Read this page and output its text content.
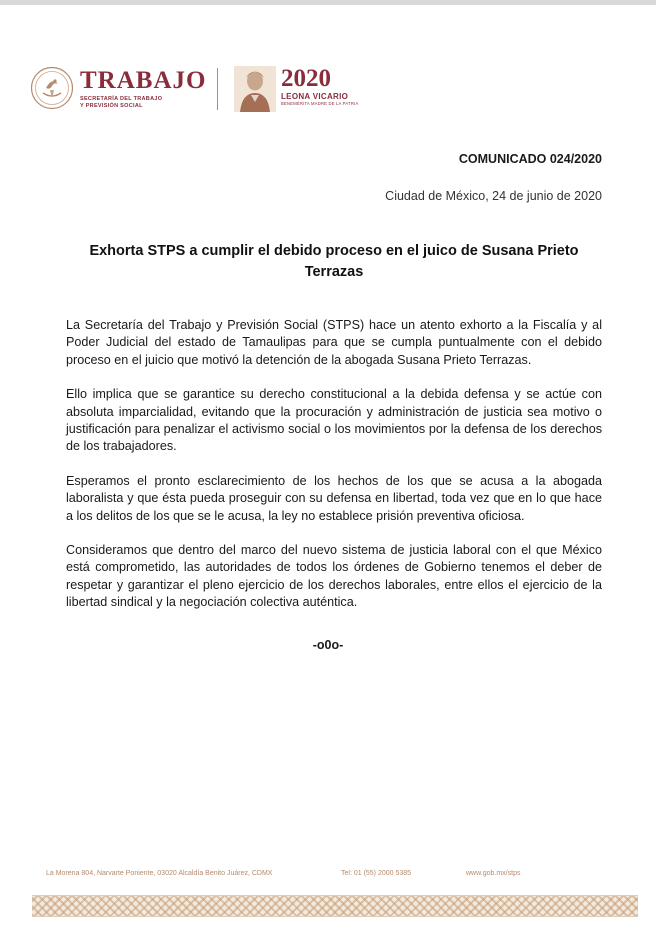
TRABAJO
SECRETARÍA DEL TRABAJO
Y PREVISIÓN SOCIAL
2020
LEONA VICARIO
BENEMÉRITA MADRE DE LA PATRIA
COMUNICADO 024/2020
Ciudad de México, 24 de junio de 2020
Exhorta STPS a cumplir el debido proceso en el juico de Susana Prieto Terrazas

La Secretaría del Trabajo y Previsión Social (STPS) hace un atento exhorto a la Fiscalía y al Poder Judicial del estado de Tamaulipas para que se cumpla puntualmente con el debido proceso en el juicio que motivó la detención de la abogada Susana Prieto Terrazas.

Ello implica que se garantice su derecho constitucional a la debida defensa y se actúe con absoluta imparcialidad, evitando que la procuración y administración de justicia sea motivo o justificación para penalizar el activismo social o los movimientos por la defensa de los derechos de los trabajadores.

Esperamos el pronto esclarecimiento de los hechos de los que se acusa a la abogada laboralista y que ésta pueda proseguir con su defensa en libertad, toda vez que en lo que hace a los delitos de los que se le acusa, la ley no establece prisión preventiva oficiosa.

Consideramos que dentro del marco del nuevo sistema de justicia laboral con el que México está comprometido, las autoridades de todos los órdenes de Gobierno tenemos el deber de respetar y garantizar el pleno ejercicio de los derechos laborales, entre ellos el ejercicio de la libertad sindical y la negociación colectiva auténtica.

-o0o-
La Morena 804, Narvarte Poniente, 03020 Alcaldía Benito Juárez, CDMX	Tel: 01 (55) 2000 5385	www.gob.mx/stps
